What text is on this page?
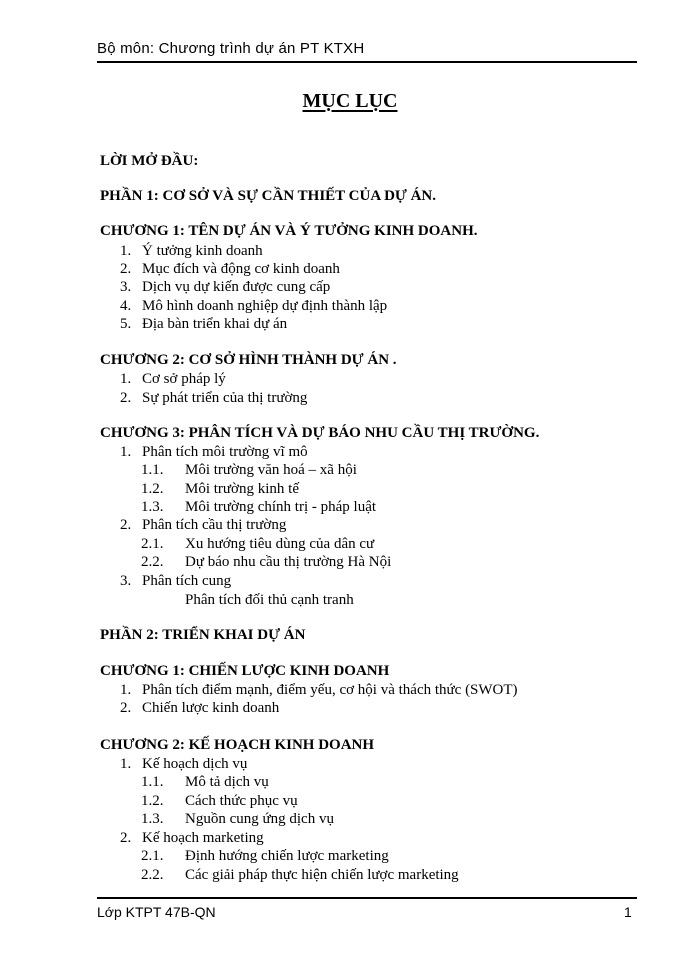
Bộ môn: Chương trình dự án PT KTXH
MỤC LỤC
LỜI MỞ ĐẦU:
PHẦN 1: CƠ SỞ VÀ SỰ CẦN THIẾT CỦA DỰ ÁN.
CHƯƠNG 1: TÊN DỰ ÁN VÀ Ý TƯỞNG KINH DOANH.
1. Ý tưởng kinh doanh
2. Mục đích và động cơ kinh doanh
3. Dịch vụ dự kiến được cung cấp
4. Mô hình doanh nghiệp dự định thành lập
5. Địa bàn triển khai dự án
CHƯƠNG 2: CƠ SỞ HÌNH THÀNH DỰ ÁN .
1. Cơ sở pháp lý
2. Sự phát triển của thị trường
CHƯƠNG 3: PHÂN TÍCH VÀ DỰ BÁO NHU CẦU THỊ TRƯỜNG.
1. Phân tích môi trường vĩ mô
1.1. Môi trường văn hoá – xã hội
1.2. Môi trường kinh tế
1.3. Môi trường chính trị - pháp luật
2. Phân tích cầu thị trường
2.1. Xu hướng tiêu dùng của dân cư
2.2. Dự báo nhu cầu thị trường Hà Nội
3. Phân tích cung
Phân tích đối thủ cạnh tranh
PHẦN 2: TRIỂN KHAI DỰ ÁN
CHƯƠNG 1: CHIẾN LƯỢC KINH DOANH
1. Phân tích điểm mạnh, điểm yếu, cơ hội và thách thức (SWOT)
2. Chiến lược kinh doanh
CHƯƠNG 2: KẾ HOẠCH KINH DOANH
1. Kế hoạch dịch vụ
1.1. Mô tả dịch vụ
1.2. Cách thức phục vụ
1.3. Nguồn cung ứng dịch vụ
2. Kế hoạch marketing
2.1. Định hướng chiến lược marketing
2.2. Các giải pháp thực hiện chiến lược marketing
Lớp KTPT 47B-QN	1
